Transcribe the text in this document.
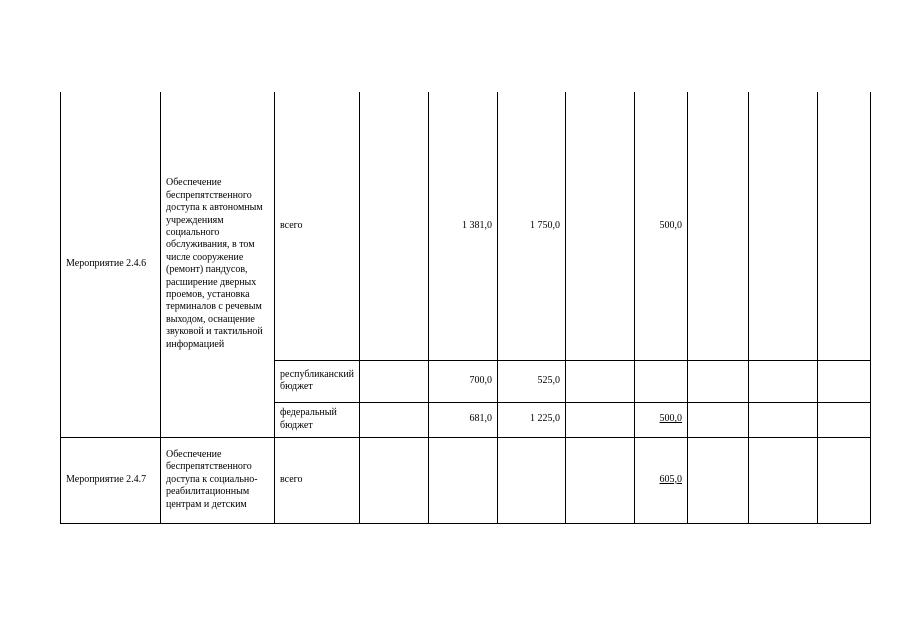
Мероприятие 2.4.6	Обеспечение беспрепятственного доступа к автономным учреждениям социального обслуживания, в том числе сооружение (ремонт) пандусов, расширение дверных проемов, установка терминалов с речевым выходом, оснащение звуковой и тактильной информацией	всего		1 381,0	1 750,0		500,0			
		республиканский бюджет		700,0	525,0					
		федеральный бюджет		681,0	1 225,0		500,0			
Мероприятие 2.4.7	Обеспечение беспрепятственного доступа к социально-реабилитационным центрам и детским	всего					605,0			
